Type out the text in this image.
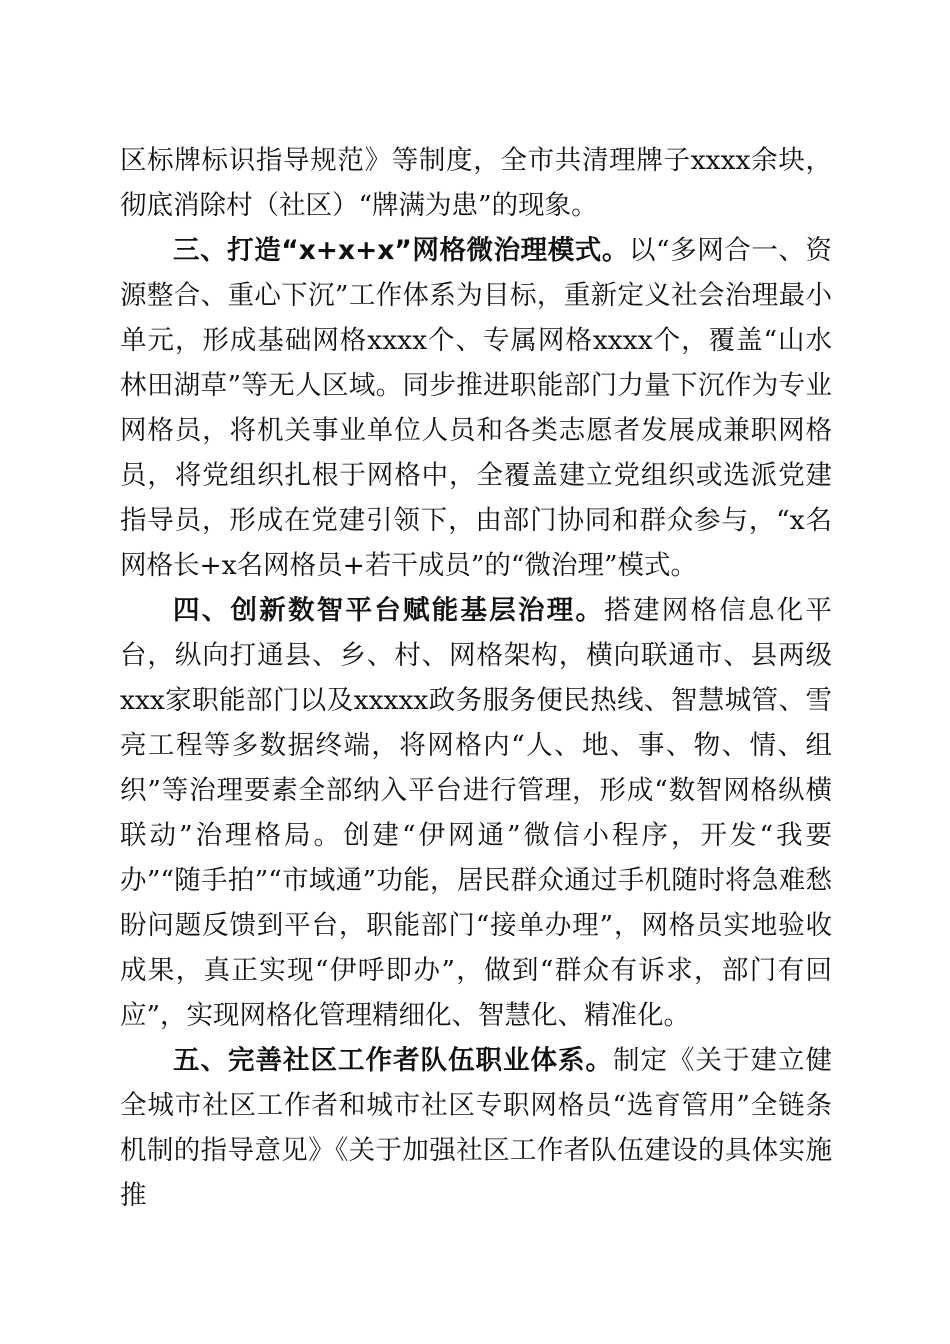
区标牌标识指导规范》等制度，全市共清理牌子xxxx余块，彻底消除村（社区）“牌满为患”的现象。

三、打造“x+x+x”网格微治理模式。以“多网合一、资源整合、重心下沉”工作体系为目标，重新定义社会治理最小单元，形成基础网格xxxx个、专属网格xxxx个，覆盖“山水林田湖草”等无人区域。同步推进职能部门力量下沉作为专业网格员，将机关事业单位人员和各类志愿者发展成兼职网格员，将党组织扎根于网格中，全覆盖建立党组织或选派党建指导员，形成在党建引领下，由部门协同和群众参与，“x名网格长+x名网格员+若干成员”的“微治理”模式。

四、创新数智平台赋能基层治理。搭建网格信息化平台，纵向打通县、乡、村、网格架构，横向联通市、县两级xxx家职能部门以及xxxxx政务服务便民热线、智慧城管、雪亮工程等多数据终端，将网格内“人、地、事、物、情、组织”等治理要素全部纳入平台进行管理，形成“数智网格纵横联动”治理格局。创建“伊网通”微信小程序，开发“我要办”“随手拍”“市域通”功能，居民群众通过手机随时将急难愁盼问题反馈到平台，职能部门“接单办理”，网格员实地验收成果，真正实现“伊呼即办”，做到“群众有诉求，部门有回应”，实现网格化管理精细化、智慧化、精准化。

五、完善社区工作者队伍职业体系。制定《关于建立健全城市社区工作者和城市社区专职网格员“选育管用”全链条机制的指导意见》《关于加强社区工作者队伍建设的具体实施推
